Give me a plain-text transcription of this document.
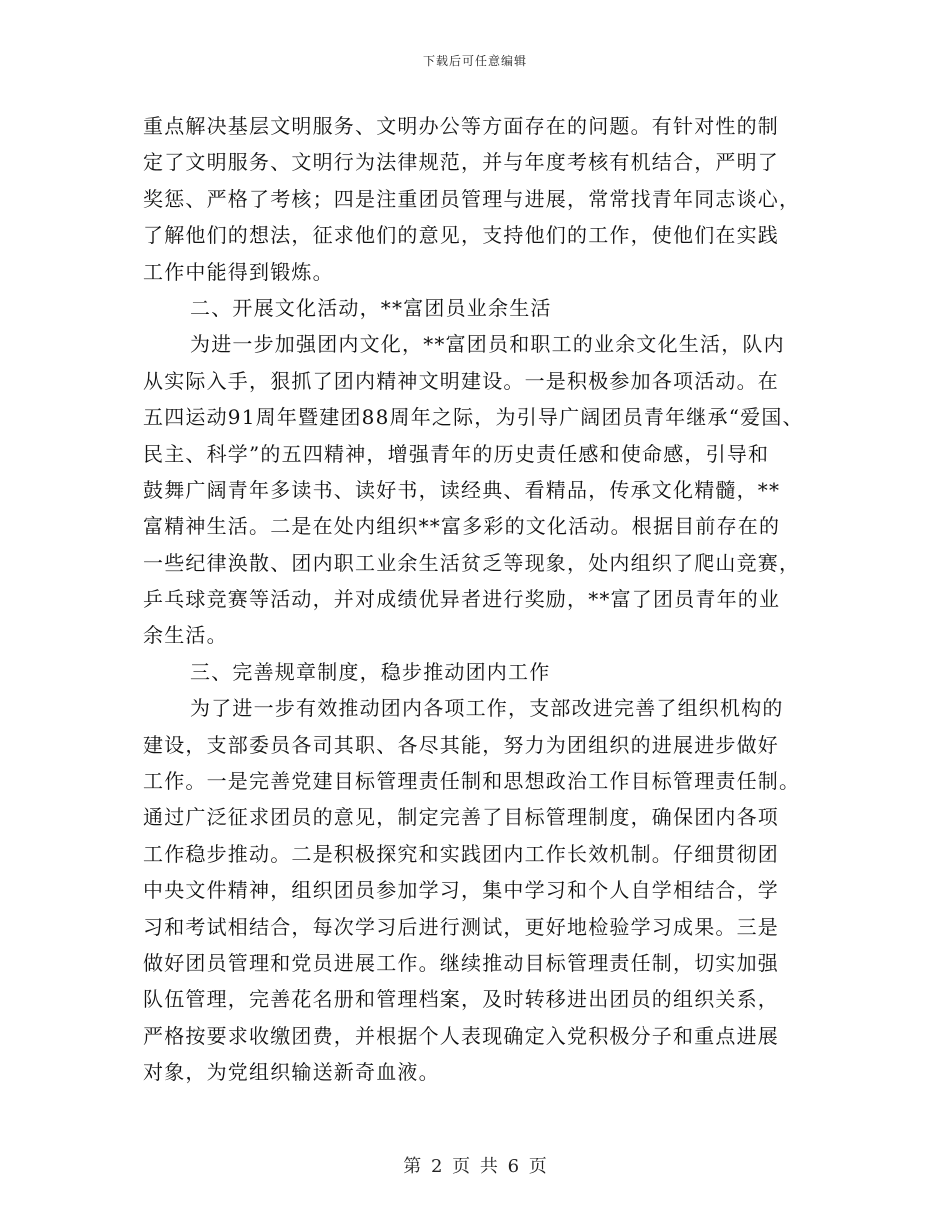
下载后可任意编辑
重点解决基层文明服务、文明办公等方面存在的问题。有针对性的制
定了文明服务、文明行为法律规范，并与年度考核有机结合，严明了
奖惩、严格了考核；四是注重团员管理与进展，常常找青年同志谈心，
了解他们的想法，征求他们的意见，支持他们的工作，使他们在实践
工作中能得到锻炼。
二、开展文化活动，**富团员业余生活
为进一步加强团内文化，**富团员和职工的业余文化生活，队内
从实际入手，狠抓了团内精神文明建设。一是积极参加各项活动。在
五四运动91周年暨建团88周年之际，为引导广阔团员青年继承“爱国、
民主、科学”的五四精神，增强青年的历史责任感和使命感，引导和
鼓舞广阔青年多读书、读好书，读经典、看精品，传承文化精髓，**
富精神生活。二是在处内组织**富多彩的文化活动。根据目前存在的
一些纪律涣散、团内职工业余生活贫乏等现象，处内组织了爬山竞赛，
乒乓球竞赛等活动，并对成绩优异者进行奖励，**富了团员青年的业
余生活。
三、完善规章制度，稳步推动团内工作
为了进一步有效推动团内各项工作，支部改进完善了组织机构的
建设，支部委员各司其职、各尽其能，努力为团组织的进展进步做好
工作。一是完善党建目标管理责任制和思想政治工作目标管理责任制。
通过广泛征求团员的意见，制定完善了目标管理制度，确保团内各项
工作稳步推动。二是积极探究和实践团内工作长效机制。仔细贯彻团
中央文件精神，组织团员参加学习，集中学习和个人自学相结合，学
习和考试相结合，每次学习后进行测试，更好地检验学习成果。三是
做好团员管理和党员进展工作。继续推动目标管理责任制，切实加强
队伍管理，完善花名册和管理档案，及时转移进出团员的组织关系，
严格按要求收缴团费，并根据个人表现确定入党积极分子和重点进展
对象，为党组织输送新奇血液。
第 2 页 共 6 页
